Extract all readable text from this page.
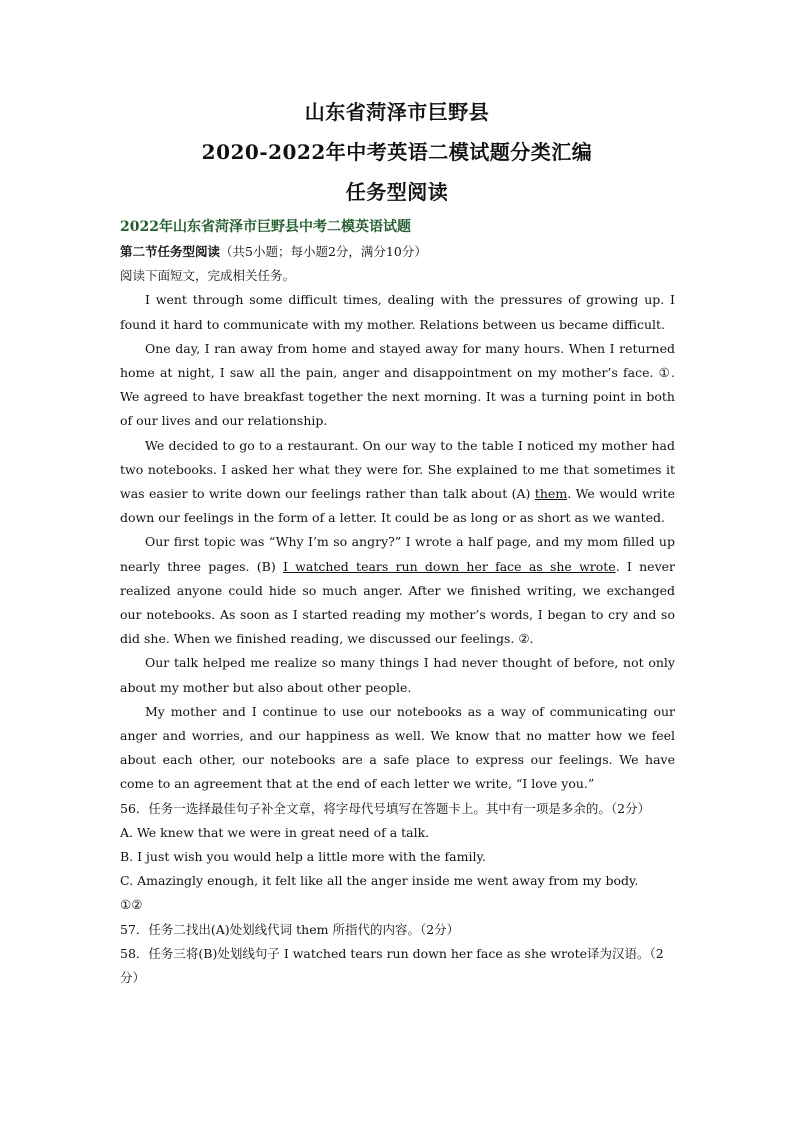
山东省菏泽市巨野县
2020-2022年中考英语二模试题分类汇编
任务型阅读

2022年山东省菏泽市巨野县中考二模英语试题

第二节任务型阅读（共5小题；每小题2分，满分10分）

阅读下面短文，完成相关任务。

I went through some difficult times, dealing with the pressures of growing up. I found it hard to communicate with my mother. Relations between us became difficult.

One day, I ran away from home and stayed away for many hours. When I returned home at night, I saw all the pain, anger and disappointment on my mother’s face. ①. We agreed to have breakfast together the next morning. It was a turning point in both of our lives and our relationship.

We decided to go to a restaurant. On our way to the table I noticed my mother had two notebooks. I asked her what they were for. She explained to me that sometimes it was easier to write down our feelings rather than talk about (A) them. We would write down our feelings in the form of a letter. It could be as long or as short as we wanted.

Our first topic was “Why I’m so angry?” I wrote a half page, and my mom filled up nearly three pages. (B) I watched tears run down her face as she wrote. I never realized anyone could hide so much anger. After we finished writing, we exchanged our notebooks. As soon as I started reading my mother’s words, I began to cry and so did she. When we finished reading, we discussed our feelings. ②.

Our talk helped me realize so many things I had never thought of before, not only about my mother but also about other people.

My mother and I continue to use our notebooks as a way of communicating our anger and worries, and our happiness as well. We know that no matter how we feel about each other, our notebooks are a safe place to express our feelings. We have come to an agreement that at the end of each letter we write, “I love you.”

56．任务一选择最佳句子补全文章，将字母代号填写在答题卡上。其中有一项是多余的。（2分）

A. We knew that we were in great need of a talk.

B. I just wish you would help a little more with the family.

C. Amazingly enough, it felt like all the anger inside me went away from my body.

①②

57．任务二找出(A)处划线代词 them 所指代的内容。（2分）

58．任务三将(B)处划线句子 I watched tears run down her face as she wrote译为汉语。（2分）
